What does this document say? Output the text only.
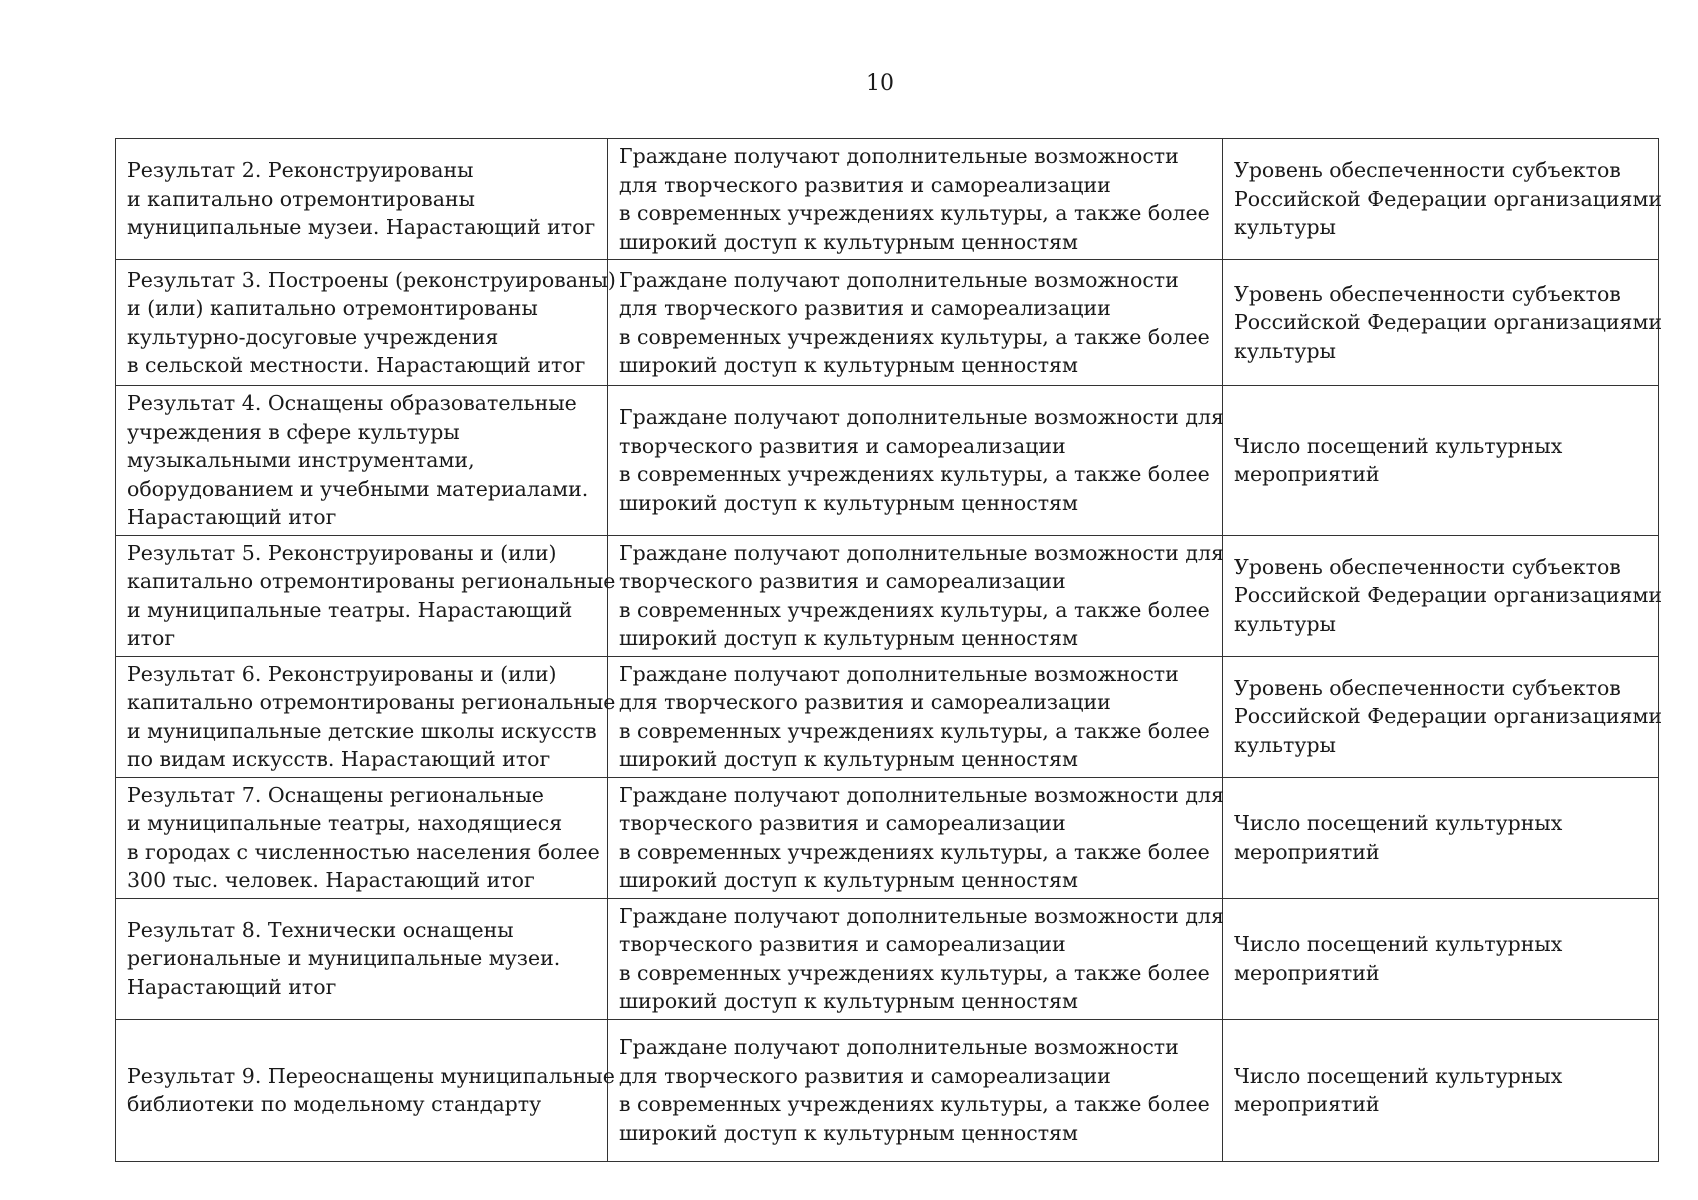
10
Результат 2. Реконструированы
и капитально отремонтированы
муниципальные музеи. Нарастающий итог	Граждане получают дополнительные возможности
для творческого развития и самореализации
в современных учреждениях культуры, а также более
широкий доступ к культурным ценностям	Уровень обеспеченности субъектов
Российской Федерации организациями
культуры

Результат 3. Построены (реконструированы)
и (или) капитально отремонтированы
культурно-досуговые учреждения
в сельской местности. Нарастающий итог	Граждане получают дополнительные возможности
для творческого развития и самореализации
в современных учреждениях культуры, а также более
широкий доступ к культурным ценностям	Уровень обеспеченности субъектов
Российской Федерации организациями
культуры

Результат 4. Оснащены образовательные
учреждения в сфере культуры
музыкальными инструментами,
оборудованием и учебными материалами.
Нарастающий итог	Граждане получают дополнительные возможности для
творческого развития и самореализации
в современных учреждениях культуры, а также более
широкий доступ к культурным ценностям	Число посещений культурных
мероприятий

Результат 5. Реконструированы и (или)
капитально отремонтированы региональные
и муниципальные театры. Нарастающий
итог	Граждане получают дополнительные возможности для
творческого развития и самореализации
в современных учреждениях культуры, а также более
широкий доступ к культурным ценностям	Уровень обеспеченности субъектов
Российской Федерации организациями
культуры

Результат 6. Реконструированы и (или)
капитально отремонтированы региональные
и муниципальные детские школы искусств
по видам искусств. Нарастающий итог	Граждане получают дополнительные возможности
для творческого развития и самореализации
в современных учреждениях культуры, а также более
широкий доступ к культурным ценностям	Уровень обеспеченности субъектов
Российской Федерации организациями
культуры

Результат 7. Оснащены региональные
и муниципальные театры, находящиеся
в городах с численностью населения более
300 тыс. человек. Нарастающий итог	Граждане получают дополнительные возможности для
творческого развития и самореализации
в современных учреждениях культуры, а также более
широкий доступ к культурным ценностям	Число посещений культурных
мероприятий

Результат 8. Технически оснащены
региональные и муниципальные музеи.
Нарастающий итог	Граждане получают дополнительные возможности для
творческого развития и самореализации
в современных учреждениях культуры, а также более
широкий доступ к культурным ценностям	Число посещений культурных
мероприятий

Результат 9. Переоснащены муниципальные
библиотеки по модельному стандарту	Граждане получают дополнительные возможности
для творческого развития и самореализации
в современных учреждениях культуры, а также более
широкий доступ к культурным ценностям	Число посещений культурных
мероприятий
